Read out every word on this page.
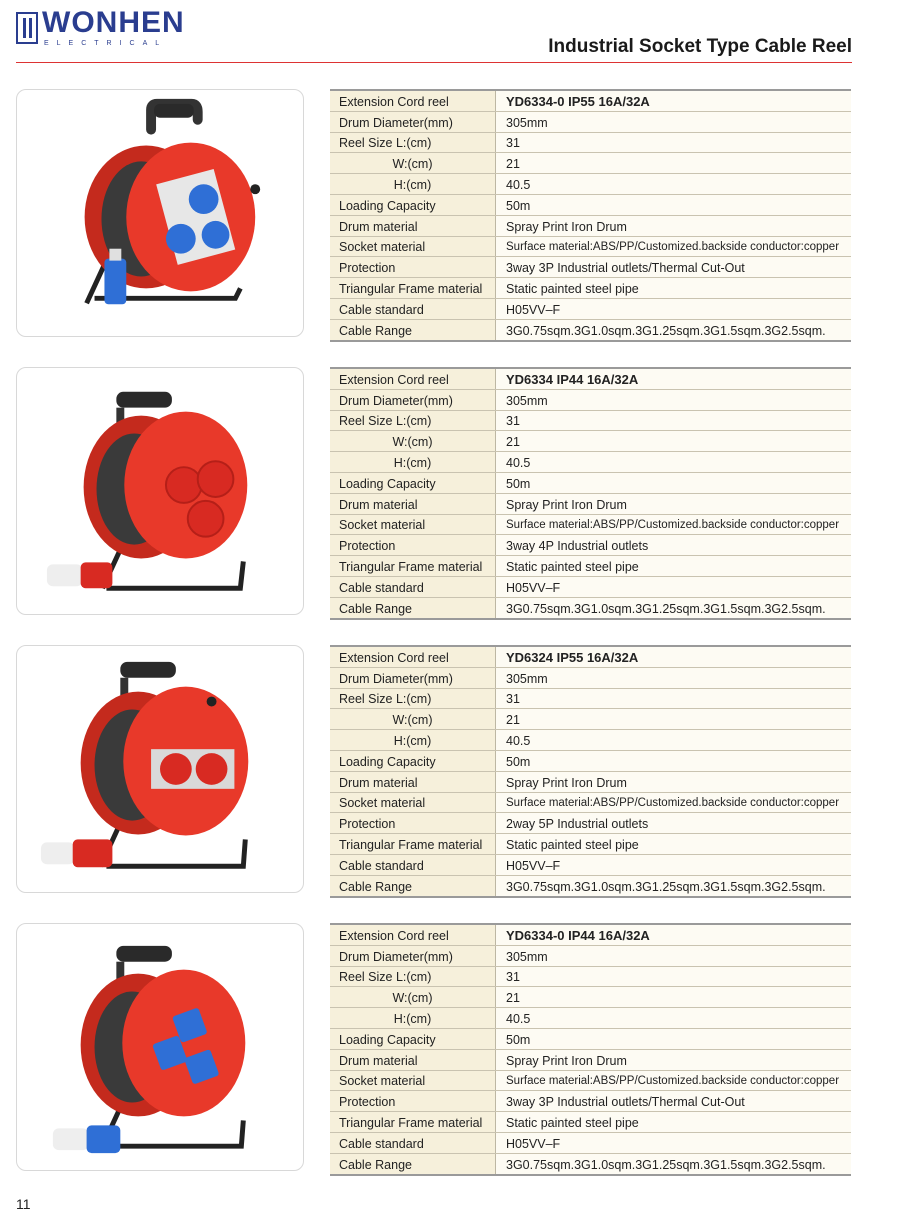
WONHEN
ELECTRICAL	Industrial Socket Type Cable Reel
Extension Cord reel	YD6334-0 IP55 16A/32A
Drum Diameter(mm)	305mm
Reel Size L:(cm)	31
W:(cm)	21
H:(cm)	40.5
Loading Capacity	50m
Drum material	Spray Print Iron Drum
Socket material	Surface material:ABS/PP/Customized.backside conductor:copper
Protection	3way 3P Industrial outlets/Thermal Cut-Out
Triangular Frame material	Static painted steel pipe
Cable standard	H05VV–F
Cable Range	3G0.75sqm.3G1.0sqm.3G1.25sqm.3G1.5sqm.3G2.5sqm.
Extension Cord reel	YD6334 IP44 16A/32A
Drum Diameter(mm)	305mm
Reel Size L:(cm)	31
W:(cm)	21
H:(cm)	40.5
Loading Capacity	50m
Drum material	Spray Print Iron Drum
Socket material	Surface material:ABS/PP/Customized.backside conductor:copper
Protection	3way 4P Industrial outlets
Triangular Frame material	Static painted steel pipe
Cable standard	H05VV–F
Cable Range	3G0.75sqm.3G1.0sqm.3G1.25sqm.3G1.5sqm.3G2.5sqm.
Extension Cord reel	YD6324 IP55 16A/32A
Drum Diameter(mm)	305mm
Reel Size L:(cm)	31
W:(cm)	21
H:(cm)	40.5
Loading Capacity	50m
Drum material	Spray Print Iron Drum
Socket material	Surface material:ABS/PP/Customized.backside conductor:copper
Protection	2way 5P Industrial outlets
Triangular Frame material	Static painted steel pipe
Cable standard	H05VV–F
Cable Range	3G0.75sqm.3G1.0sqm.3G1.25sqm.3G1.5sqm.3G2.5sqm.
Extension Cord reel	YD6334-0 IP44 16A/32A
Drum Diameter(mm)	305mm
Reel Size L:(cm)	31
W:(cm)	21
H:(cm)	40.5
Loading Capacity	50m
Drum material	Spray Print Iron Drum
Socket material	Surface material:ABS/PP/Customized.backside conductor:copper
Protection	3way 3P Industrial outlets/Thermal Cut-Out
Triangular Frame material	Static painted steel pipe
Cable standard	H05VV–F
Cable Range	3G0.75sqm.3G1.0sqm.3G1.25sqm.3G1.5sqm.3G2.5sqm.
11
